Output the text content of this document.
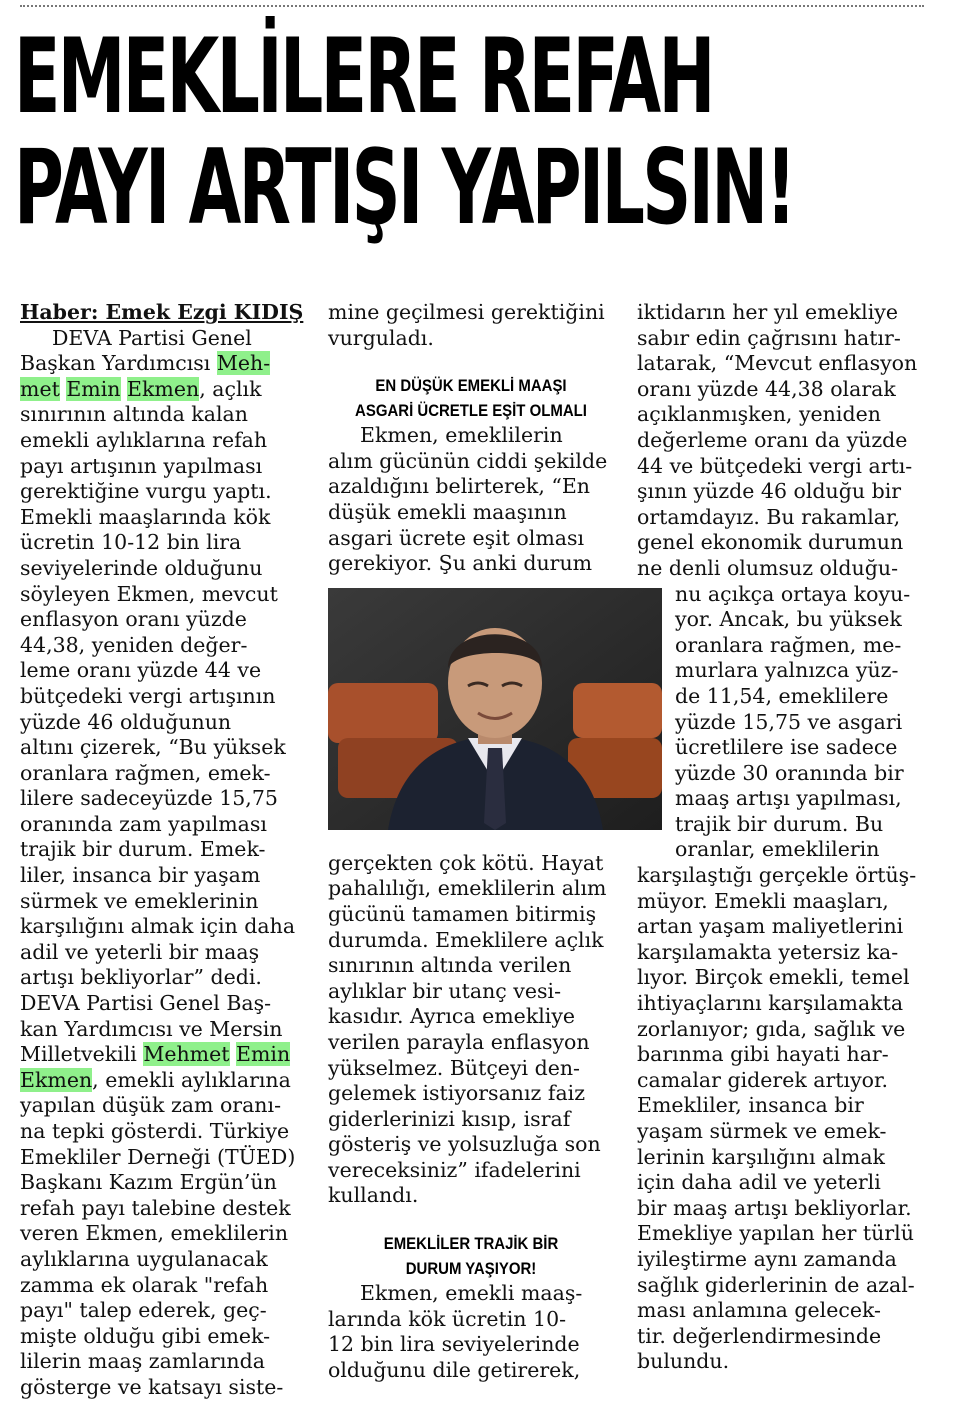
EMEKLİLERE REFAH
PAYI ARTIŞI YAPILSIN!

Haber: Emek Ezgi KIDIŞ

DEVA Partisi Genel

Başkan Yardımcısı Meh-

met Emin Ekmen, açlık

sınırının altında kalan

emekli aylıklarına refah

payı artışının yapılması

gerektiğine vurgu yaptı.

Emekli maaşlarında kök

ücretin 10-12 bin lira

seviyelerinde olduğunu

söyleyen Ekmen, mevcut

enflasyon oranı yüzde

44,38, yeniden değer-

leme oranı yüzde 44 ve

bütçedeki vergi artışının

yüzde 46 olduğunun

altını çizerek, “Bu yüksek

oranlara rağmen, emek-

lilere sadeceyüzde 15,75

oranında zam yapılması

trajik bir durum. Emek-

liler, insanca bir yaşam

sürmek ve emeklerinin

karşılığını almak için daha

adil ve yeterli bir maaş

artışı bekliyorlar” dedi.

DEVA Partisi Genel Baş-

kan Yardımcısı ve Mersin

Milletvekili Mehmet Emin

Ekmen, emekli aylıklarına

yapılan düşük zam oranı-

na tepki gösterdi. Türkiye

Emekliler Derneği (TÜED)

Başkanı Kazım Ergün’ün

refah payı talebine destek

veren Ekmen, emeklilerin

aylıklarına uygulanacak

zamma ek olarak "refah

payı" talep ederek, geç-

mişte olduğu gibi emek-

lilerin maaş zamlarında

gösterge ve katsayı siste-

mine geçilmesi gerektiğini

vurguladı.

EN DÜŞÜK EMEKLİ MAAŞI

ASGARİ ÜCRETLE EŞİT OLMALI

Ekmen, emeklilerin

alım gücünün ciddi şekilde

azaldığını belirterek, “En

düşük emekli maaşının

asgari ücrete eşit olması

gerekiyor. Şu anki durum

gerçekten çok kötü. Hayat

pahalılığı, emeklilerin alım

gücünü tamamen bitirmiş

durumda. Emeklilere açlık

sınırının altında verilen

aylıklar bir utanç vesi-

kasıdır. Ayrıca emekliye

verilen parayla enflasyon

yükselmez. Bütçeyi den-

gelemek istiyorsanız faiz

giderlerinizi kısıp, israf

gösteriş ve yolsuzluğa son

vereceksiniz” ifadelerini

kullandı.

EMEKLİLER TRAJİK BİR

DURUM YAŞIYOR!

Ekmen, emekli maaş-

larında kök ücretin 10-

12 bin lira seviyelerinde

olduğunu dile getirerek,

iktidarın her yıl emekliye

sabır edin çağrısını hatır-

latarak, “Mevcut enflasyon

oranı yüzde 44,38 olarak

açıklanmışken, yeniden

değerleme oranı da yüzde

44 ve bütçedeki vergi artı-

şının yüzde 46 olduğu bir

ortamdayız. Bu rakamlar,

genel ekonomik durumun

ne denli olumsuz olduğu-

nu açıkça ortaya koyu-

yor. Ancak, bu yüksek

oranlara rağmen, me-

murlara yalnızca yüz-

de 11,54, emeklilere

yüzde 15,75 ve asgari

ücretlilere ise sadece

yüzde 30 oranında bir

maaş artışı yapılması,

trajik bir durum. Bu

oranlar, emeklilerin

karşılaştığı gerçekle örtüş-

müyor. Emekli maaşları,

artan yaşam maliyetlerini

karşılamakta yetersiz ka-

lıyor. Birçok emekli, temel

ihtiyaçlarını karşılamakta

zorlanıyor; gıda, sağlık ve

barınma gibi hayati har-

camalar giderek artıyor.

Emekliler, insanca bir

yaşam sürmek ve emek-

lerinin karşılığını almak

için daha adil ve yeterli

bir maaş artışı bekliyorlar.

Emekliye yapılan her türlü

iyileştirme aynı zamanda

sağlık giderlerinin de azal-

ması anlamına gelecek-

tir. değerlendirmesinde

bulundu.
